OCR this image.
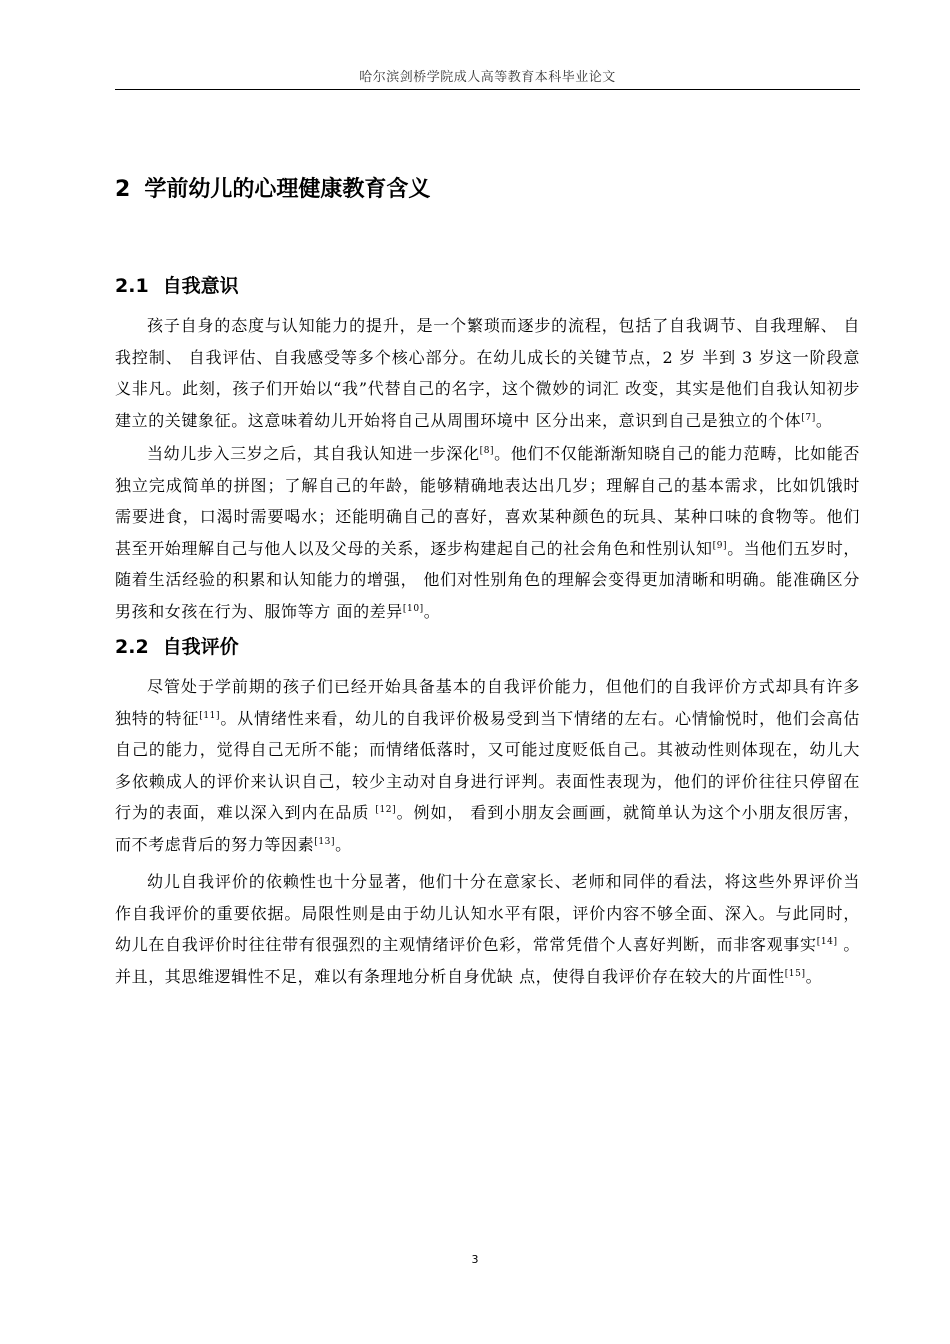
哈尔滨剑桥学院成人高等教育本科毕业论文
2 学前幼儿的心理健康教育含义
2.1 自我意识

孩子自身的态度与认知能力的提升，是一个繁琐而逐步的流程，包括了自我调节、自我理解、 自我控制、 自我评估、自我感受等多个核心部分。在幼儿成长的关键节点，2 岁 半到 3 岁这一阶段意义非凡。此刻，孩子们开始以“我”代替自己的名字，这个微妙的词汇 改变，其实是他们自我认知初步建立的关键象征。这意味着幼儿开始将自己从周围环境中 区分出来，意识到自己是独立的个体[7]。

当幼儿步入三岁之后，其自我认知进一步深化[8]。他们不仅能渐渐知晓自己的能力范畴，比如能否独立完成简单的拼图；了解自己的年龄，能够精确地表达出几岁；理解自己的基本需求，比如饥饿时需要进食，口渴时需要喝水；还能明确自己的喜好，喜欢某种颜色的玩具、某种口味的食物等。他们甚至开始理解自己与他人以及父母的关系，逐步构建起自己的社会角色和性别认知[9]。当他们五岁时，随着生活经验的积累和认知能力的增强， 他们对性别角色的理解会变得更加清晰和明确。能准确区分男孩和女孩在行为、服饰等方 面的差异[10]。

2.2 自我评价

尽管处于学前期的孩子们已经开始具备基本的自我评价能力，但他们的自我评价方式却具有许多独特的特征[11]。从情绪性来看，幼儿的自我评价极易受到当下情绪的左右。心情愉悦时，他们会高估自己的能力，觉得自己无所不能；而情绪低落时，又可能过度贬低自己。其被动性则体现在，幼儿大多依赖成人的评价来认识自己，较少主动对自身进行评判。表面性表现为，他们的评价往往只停留在行为的表面，难以深入到内在品质 [12]。例如， 看到小朋友会画画，就简单认为这个小朋友很厉害，而不考虑背后的努力等因素[13]。

幼儿自我评价的依赖性也十分显著，他们十分在意家长、老师和同伴的看法，将这些外界评价当作自我评价的重要依据。局限性则是由于幼儿认知水平有限，评价内容不够全面、深入。与此同时，幼儿在自我评价时往往带有很强烈的主观情绪评价色彩，常常凭借个人喜好判断，而非客观事实[14] 。并且，其思维逻辑性不足，难以有条理地分析自身优缺 点，使得自我评价存在较大的片面性[15]。

3
